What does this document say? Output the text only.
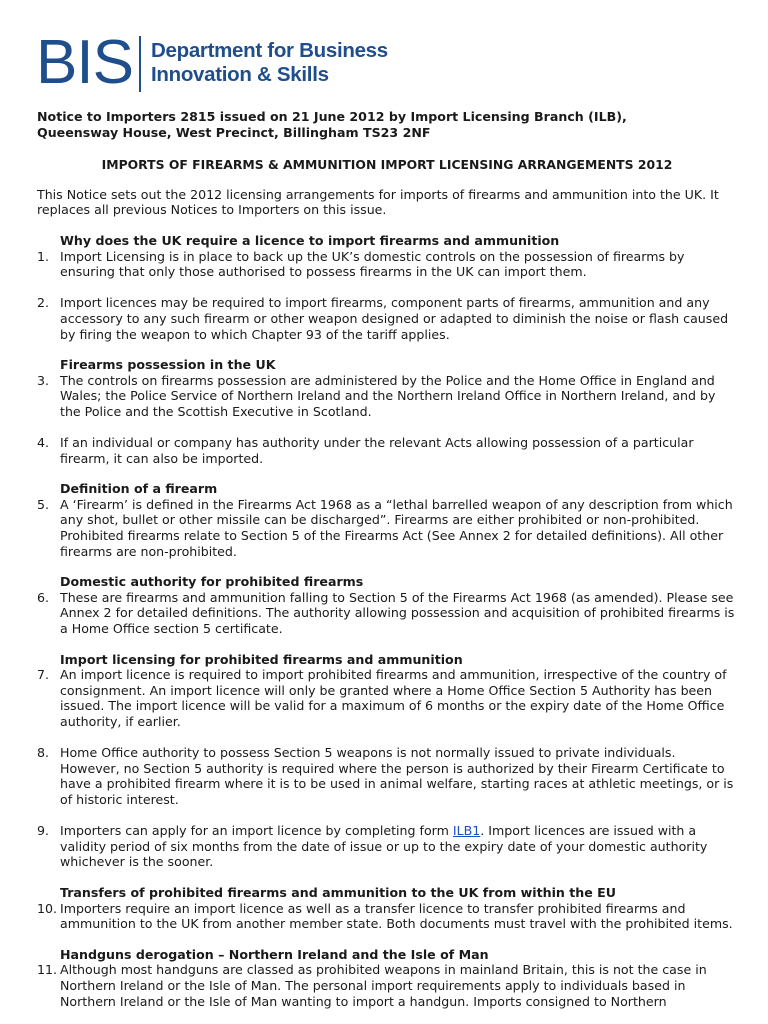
BIS Department for Business
Innovation & Skills
Notice to Importers 2815 issued on 21 June 2012 by Import Licensing Branch (ILB),
Queensway House, West Precinct, Billingham TS23 2NF
IMPORTS OF FIREARMS & AMMUNITION IMPORT LICENSING ARRANGEMENTS 2012
This Notice sets out the 2012 licensing arrangements for imports of firearms and ammunition into the UK. It replaces all previous Notices to Importers on this issue.
Why does the UK require a licence to import firearms and ammunition
1. Import Licensing is in place to back up the UK’s domestic controls on the possession of firearms by ensuring that only those authorised to possess firearms in the UK can import them.
2. Import licences may be required to import firearms, component parts of firearms, ammunition and any accessory to any such firearm or other weapon designed or adapted to diminish the noise or flash caused by firing the weapon to which Chapter 93 of the tariff applies.
Firearms possession in the UK
3. The controls on firearms possession are administered by the Police and the Home Office in England and Wales; the Police Service of Northern Ireland and the Northern Ireland Office in Northern Ireland, and by the Police and the Scottish Executive in Scotland.
4. If an individual or company has authority under the relevant Acts allowing possession of a particular firearm, it can also be imported.
Definition of a firearm
5. A ‘Firearm’ is defined in the Firearms Act 1968 as a “lethal barrelled weapon of any description from which any shot, bullet or other missile can be discharged”. Firearms are either prohibited or non-prohibited. Prohibited firearms relate to Section 5 of the Firearms Act (See Annex 2 for detailed definitions). All other firearms are non-prohibited.
Domestic authority for prohibited firearms
6. These are firearms and ammunition falling to Section 5 of the Firearms Act 1968 (as amended). Please see Annex 2 for detailed definitions. The authority allowing possession and acquisition of prohibited firearms is a Home Office section 5 certificate.
Import licensing for prohibited firearms and ammunition
7. An import licence is required to import prohibited firearms and ammunition, irrespective of the country of consignment. An import licence will only be granted where a Home Office Section 5 Authority has been issued. The import licence will be valid for a maximum of 6 months or the expiry date of the Home Office authority, if earlier.
8. Home Office authority to possess Section 5 weapons is not normally issued to private individuals. However, no Section 5 authority is required where the person is authorized by their Firearm Certificate to have a prohibited firearm where it is to be used in animal welfare, starting races at athletic meetings, or is of historic interest.
9. Importers can apply for an import licence by completing form ILB1. Import licences are issued with a validity period of six months from the date of issue or up to the expiry date of your domestic authority whichever is the sooner.
Transfers of prohibited firearms and ammunition to the UK from within the EU
10. Importers require an import licence as well as a transfer licence to transfer prohibited firearms and ammunition to the UK from another member state. Both documents must travel with the prohibited items.
Handguns derogation – Northern Ireland and the Isle of Man
11. Although most handguns are classed as prohibited weapons in mainland Britain, this is not the case in Northern Ireland or the Isle of Man. The personal import requirements apply to individuals based in Northern Ireland or the Isle of Man wanting to import a handgun. Imports consigned to Northern
